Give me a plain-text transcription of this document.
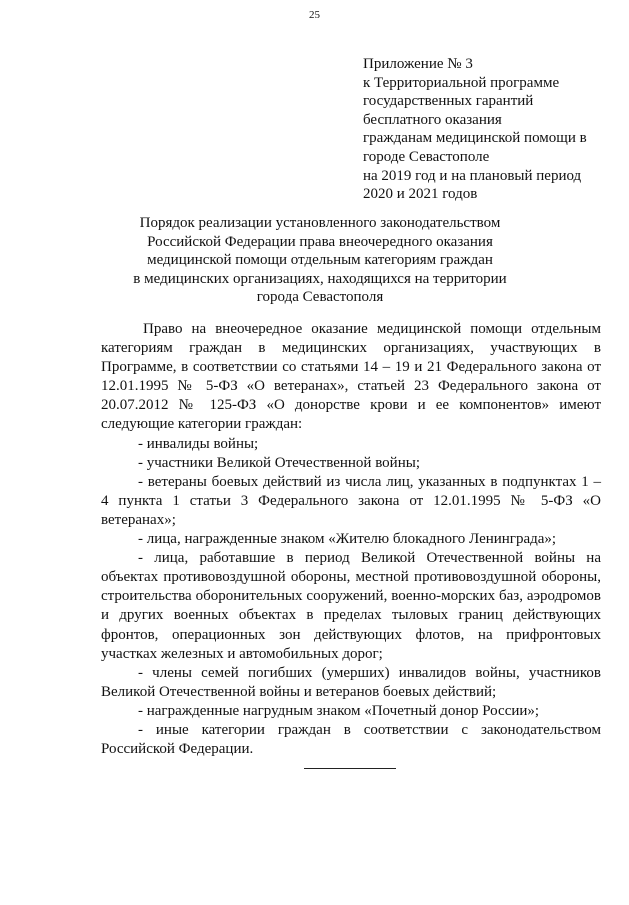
25
Приложение № 3
к Территориальной программе
государственных гарантий
бесплатного оказания
гражданам медицинской помощи в
городе Севастополе
на 2019 год и на плановый период
2020 и 2021 годов
Порядок реализации установленного законодательством
Российской Федерации права внеочередного оказания
медицинской помощи отдельным категориям граждан
в медицинских организациях, находящихся на территории
города Севастополя

Право на внеочередное оказание медицинской помощи отдельным категориям граждан в медицинских организациях, участвующих в Программе, в соответствии со статьями 14 – 19 и 21 Федерального закона от 12.01.1995 № 5-ФЗ «О ветеранах», статьей 23 Федерального закона от 20.07.2012 № 125-ФЗ «О донорстве крови и ее компонентов» имеют следующие категории граждан:

- инвалиды войны;

- участники Великой Отечественной войны;

- ветераны боевых действий из числа лиц, указанных в подпунктах 1 – 4 пункта 1 статьи 3 Федерального закона от 12.01.1995 № 5-ФЗ «О ветеранах»;

- лица, награжденные знаком «Жителю блокадного Ленинграда»;

- лица, работавшие в период Великой Отечественной войны на объектах противовоздушной обороны, местной противовоздушной обороны, строительства оборонительных сооружений, военно-морских баз, аэродромов и других военных объектах в пределах тыловых границ действующих фронтов, операционных зон действующих флотов, на прифронтовых участках железных и автомобильных дорог;

- члены семей погибших (умерших) инвалидов войны, участников Великой Отечественной войны и ветеранов боевых действий;

- награжденные нагрудным знаком «Почетный донор России»;

- иные категории граждан в соответствии с законодательством Российской Федерации.
